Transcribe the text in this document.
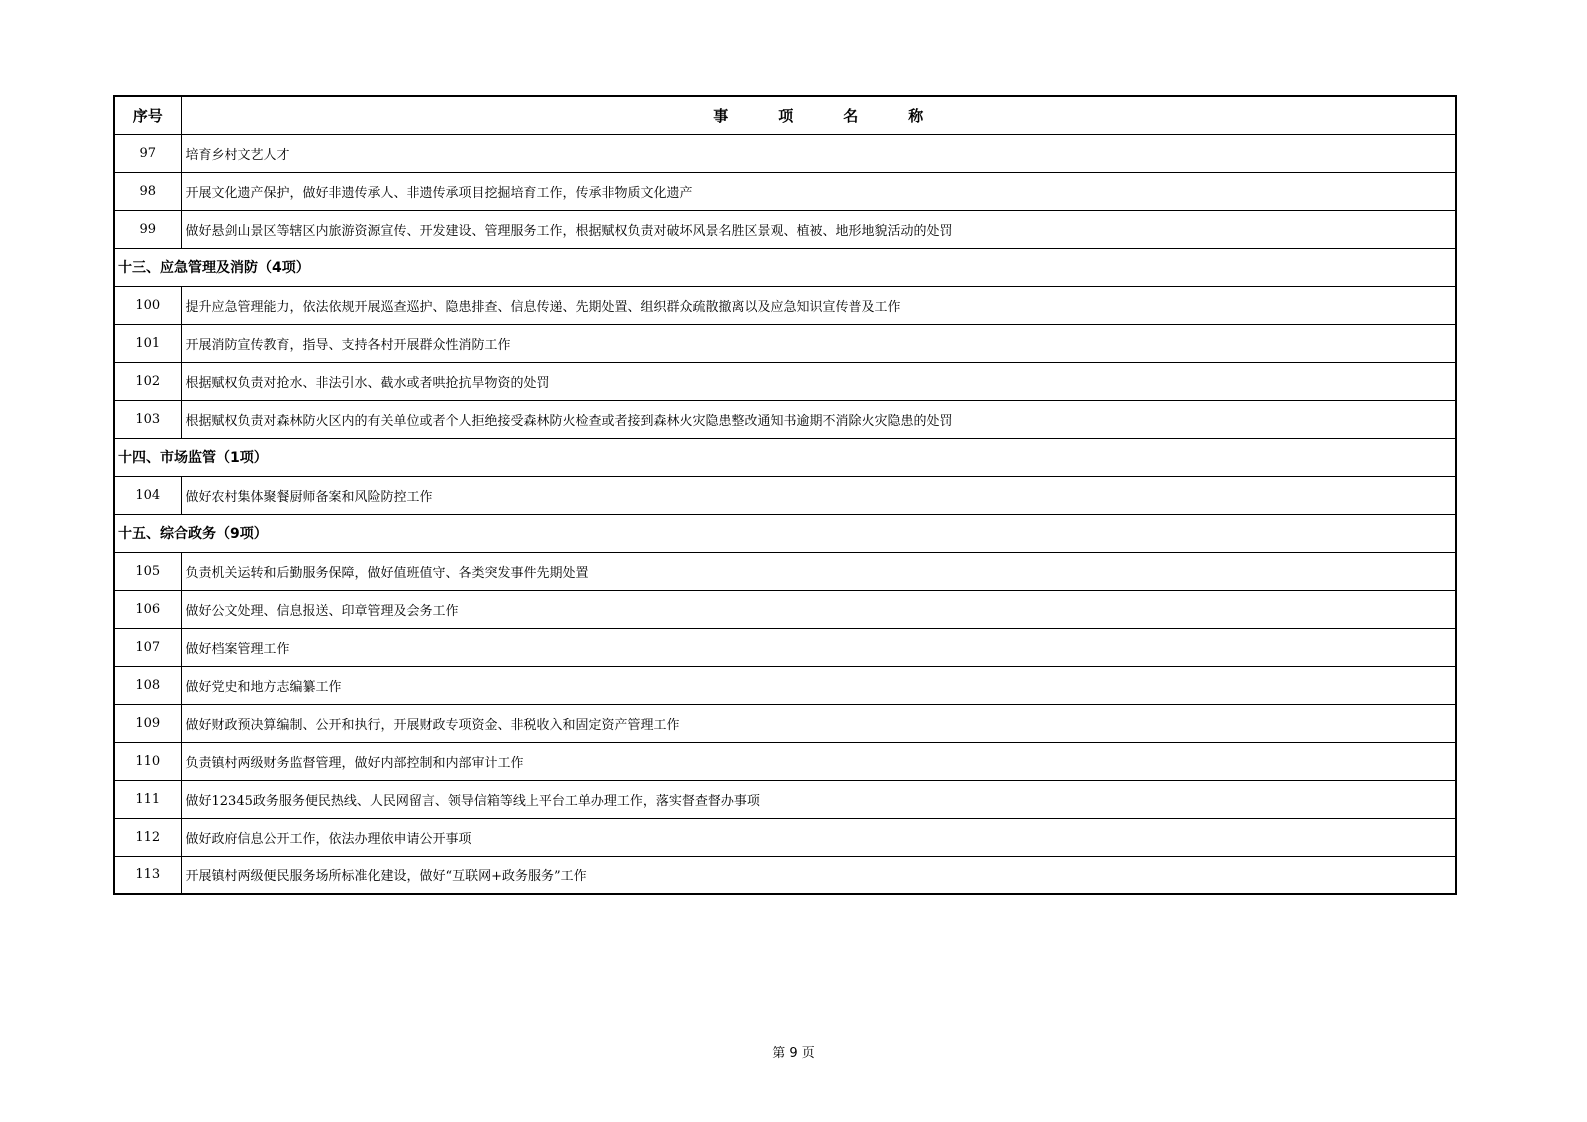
序号	事项名称
97	培育乡村文艺人才
98	开展文化遗产保护，做好非遗传承人、非遗传承项目挖掘培育工作，传承非物质文化遗产
99	做好悬剑山景区等辖区内旅游资源宣传、开发建设、管理服务工作，根据赋权负责对破坏风景名胜区景观、植被、地形地貌活动的处罚
十三、应急管理及消防（4项）	
100	提升应急管理能力，依法依规开展巡查巡护、隐患排查、信息传递、先期处置、组织群众疏散撤离以及应急知识宣传普及工作
101	开展消防宣传教育，指导、支持各村开展群众性消防工作
102	根据赋权负责对抢水、非法引水、截水或者哄抢抗旱物资的处罚
103	根据赋权负责对森林防火区内的有关单位或者个人拒绝接受森林防火检查或者接到森林火灾隐患整改通知书逾期不消除火灾隐患的处罚
十四、市场监管（1项）	
104	做好农村集体聚餐厨师备案和风险防控工作
十五、综合政务（9项）	
105	负责机关运转和后勤服务保障，做好值班值守、各类突发事件先期处置
106	做好公文处理、信息报送、印章管理及会务工作
107	做好档案管理工作
108	做好党史和地方志编纂工作
109	做好财政预决算编制、公开和执行，开展财政专项资金、非税收入和固定资产管理工作
110	负责镇村两级财务监督管理，做好内部控制和内部审计工作
111	做好12345政务服务便民热线、人民网留言、领导信箱等线上平台工单办理工作，落实督查督办事项
112	做好政府信息公开工作，依法办理依申请公开事项
113	开展镇村两级便民服务场所标准化建设，做好“互联网+政务服务”工作
第 9 页
